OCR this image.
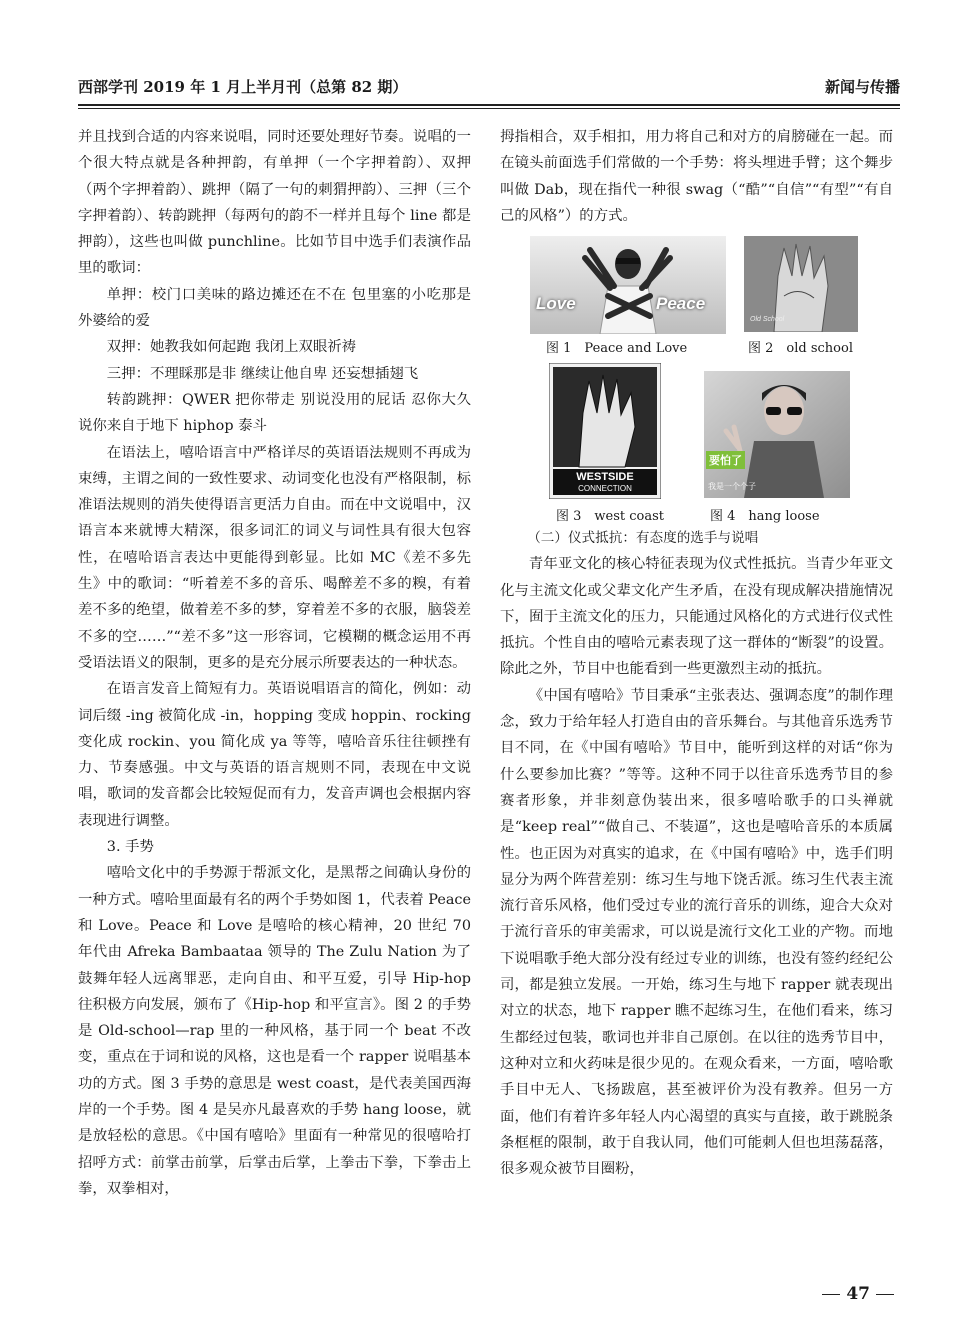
西部学刊 2019 年 1 月上半月刊（总第 82 期）	新闻与传播

并且找到合适的内容来说唱，同时还要处理好节奏。说唱的一个很大特点就是各种押韵，有单押（一个字押着韵）、双押（两个字押着韵）、跳押（隔了一句的刺猬押韵）、三押（三个字押着韵）、转韵跳押（每两句的韵不一样并且每个 line 都是押韵），这些也叫做 punchline。比如节目中选手们表演作品里的歌词：

单押：校门口美味的路边摊还在不在 包里塞的小吃那是外婆给的爱

双押：她教我如何起跑 我闭上双眼祈祷

三押：不理睬那是非 继续让他自卑 还妄想插翅飞

转韵跳押：QWER 把你带走 别说没用的屁话 忍你大久 说你来自于地下 hiphop 泰斗

在语法上，嘻哈语言中严格详尽的英语语法规则不再成为束缚，主谓之间的一致性要求、动词变化也没有严格限制，标准语法规则的消失使得语言更活力自由。而在中文说唱中，汉语言本来就博大精深，很多词汇的词义与词性具有很大包容性，在嘻哈语言表达中更能得到彰显。比如 MC《差不多先生》中的歌词：“听着差不多的音乐、喝醉差不多的糗，有着差不多的绝望，做着差不多的梦，穿着差不多的衣服，脑袋差不多的空……”“差不多”这一形容词，它模糊的概念运用不再受语法语义的限制，更多的是充分展示所要表达的一种状态。

在语言发音上简短有力。英语说唱语言的简化，例如：动词后缀 -ing 被简化成 -in，hopping 变成 hoppin、rocking 变化成 rockin、you 简化成 ya 等等，嘻哈音乐往往顿挫有力、节奏感强。中文与英语的语言规则不同，表现在中文说唱，歌词的发音都会比较短促而有力，发音声调也会根据内容表现进行调整。

3. 手势

嘻哈文化中的手势源于帮派文化，是黑帮之间确认身份的一种方式。嘻哈里面最有名的两个手势如图 1，代表着 Peace 和 Love。Peace 和 Love 是嘻哈的核心精神，20 世纪 70 年代由 Afreka Bambaataa 领导的 The Zulu Nation 为了鼓舞年轻人远离罪恶，走向自由、和平互爱，引导 Hip-hop 往积极方向发展，颁布了《Hip-hop 和平宣言》。图 2 的手势是 Old-school—rap 里的一种风格，基于同一个 beat 不改变，重点在于词和说的风格，这也是看一个 rapper 说唱基本功的方式。图 3 手势的意思是 west coast，是代表美国西海岸的一个手势。图 4 是吴亦凡最喜欢的手势 hang loose，就是放轻松的意思。《中国有嘻哈》里面有一种常见的很嘻哈打招呼方式：前掌击前掌，后掌击后掌，上拳击下拳，下拳击上拳，双拳相对，

拇指相合，双手相扣，用力将自己和对方的肩膀碰在一起。而在镜头前面选手们常做的一个手势：将头埋进手臂；这个舞步叫做 Dab，现在指代一种很 swag（“酷”“自信”“有型”“有自己的风格”）的方式。

Love	Peace
图 1　Peace and Love
Old School
图 2　old school
WESTSIDE
CONNECTION
图 3　west coast
要怕了
我是一个个子
图 4　hang loose

（二）仪式抵抗：有态度的选手与说唱

青年亚文化的核心特征表现为仪式性抵抗。当青少年亚文化与主流文化或父辈文化产生矛盾，在没有现成解决措施情况下，囿于主流文化的压力，只能通过风格化的方式进行仪式性抵抗。个性自由的嘻哈元素表现了这一群体的“断裂”的设置。除此之外，节目中也能看到一些更激烈主动的抵抗。

《中国有嘻哈》节目秉承“主张表达、强调态度”的制作理念，致力于给年轻人打造自由的音乐舞台。与其他音乐选秀节目不同，在《中国有嘻哈》节目中，能听到这样的对话“你为什么要参加比赛？”等等。这种不同于以往音乐选秀节目的参赛者形象，并非刻意伪装出来，很多嘻哈歌手的口头禅就是“keep real”“做自己、不装逼”，这也是嘻哈音乐的本质属性。也正因为对真实的追求，在《中国有嘻哈》中，选手们明显分为两个阵营差别：练习生与地下饶舌派。练习生代表主流流行音乐风格，他们受过专业的流行音乐的训练，迎合大众对于流行音乐的审美需求，可以说是流行文化工业的产物。而地下说唱歌手绝大部分没有经过专业的训练，也没有签约经纪公司，都是独立发展。一开始，练习生与地下 rapper 就表现出对立的状态，地下 rapper 瞧不起练习生，在他们看来，练习生都经过包装，歌词也并非自己原创。在以往的选秀节目中，这种对立和火药味是很少见的。在观众看来，一方面，嘻哈歌手目中无人、飞扬跋扈，甚至被评价为没有教养。但另一方面，他们有着许多年轻人内心渴望的真实与直接，敢于跳脱条条框框的限制，敢于自我认同，他们可能刺人但也坦荡磊落，很多观众被节目圈粉，

47
